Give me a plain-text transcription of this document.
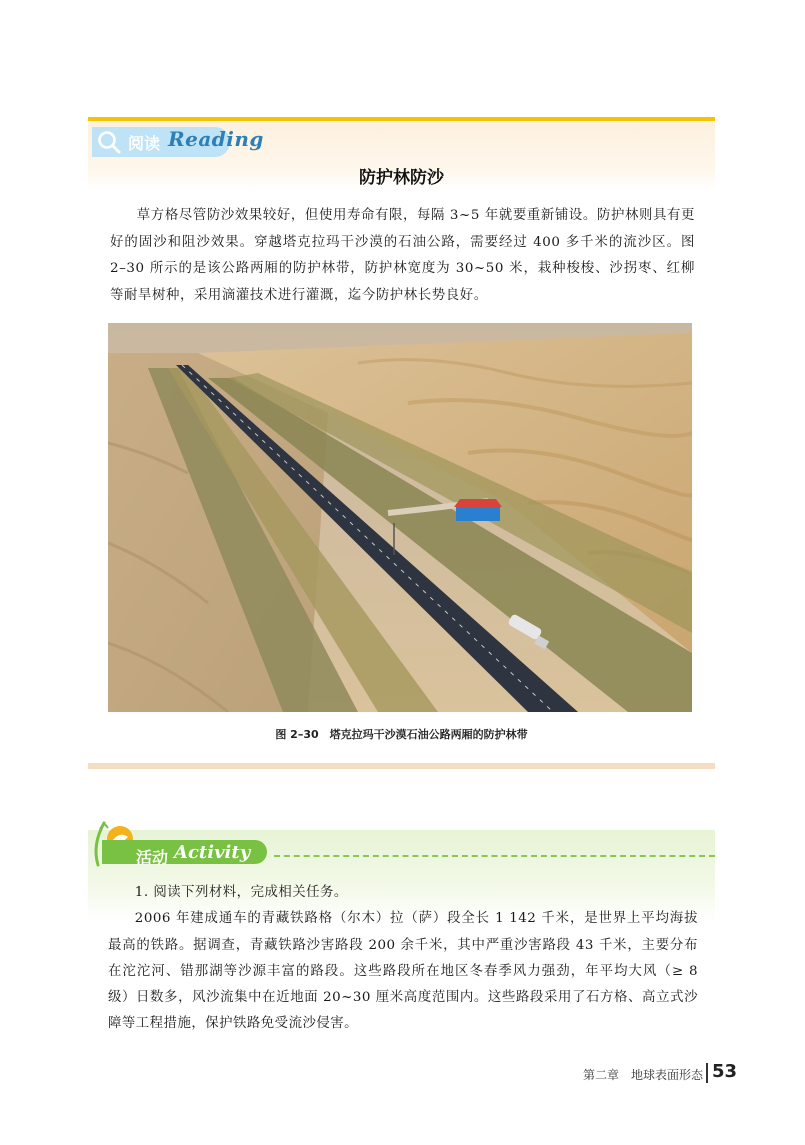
阅读 Reading
防护林防沙

草方格尽管防沙效果较好，但使用寿命有限，每隔 3~5 年就要重新铺设。防护林则具有更好的固沙和阻沙效果。穿越塔克拉玛干沙漠的石油公路，需要经过 400 多千米的流沙区。图 2–30 所示的是该公路两厢的防护林带，防护林宽度为 30~50 米，栽种梭梭、沙拐枣、红柳等耐旱树种，采用滴灌技术进行灌溉，迄今防护林长势良好。

图 2–30　塔克拉玛干沙漠石油公路两厢的防护林带
活动 Activity

1. 阅读下列材料，完成相关任务。

2006 年建成通车的青藏铁路格（尔木）拉（萨）段全长 1 142 千米，是世界上平均海拔最高的铁路。据调查，青藏铁路沙害路段 200 余千米，其中严重沙害路段 43 千米，主要分布在沱沱河、错那湖等沙源丰富的路段。这些路段所在地区冬春季风力强劲，年平均大风（≥ 8 级）日数多，风沙流集中在近地面 20~30 厘米高度范围内。这些路段采用了石方格、高立式沙障等工程措施，保护铁路免受流沙侵害。

第二章　地球表面形态 53
